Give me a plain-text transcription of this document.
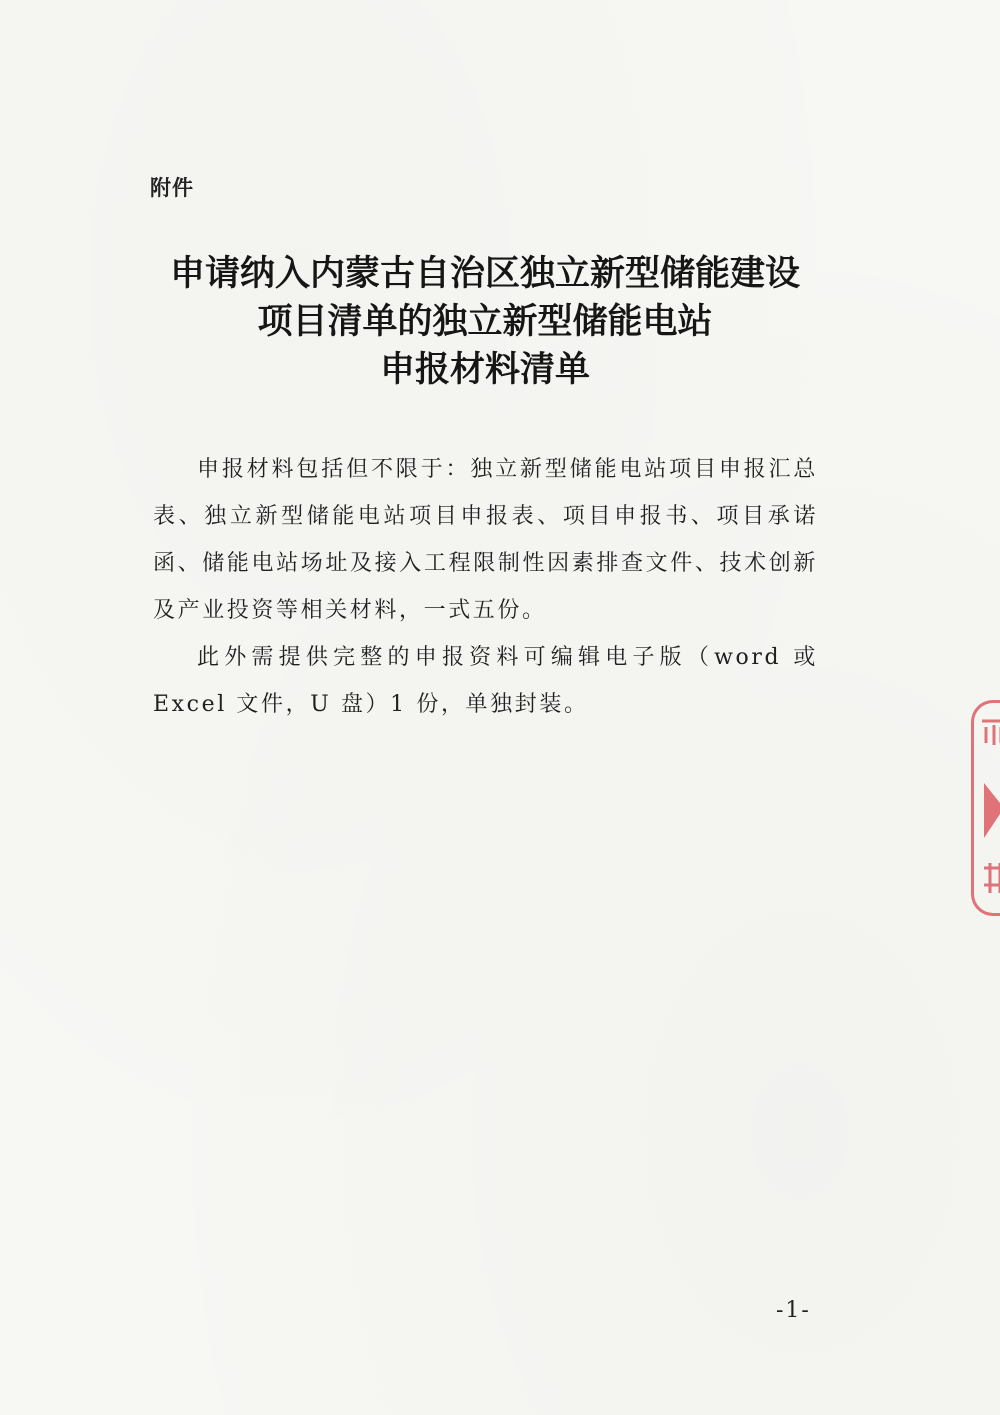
附件
申请纳入内蒙古自治区独立新型储能建设
项目清单的独立新型储能电站
申报材料清单

申报材料包括但不限于：独立新型储能电站项目申报汇总表、独立新型储能电站项目申报表、项目申报书、项目承诺函、储能电站场址及接入工程限制性因素排查文件、技术创新及产业投资等相关材料，一式五份。

此外需提供完整的申报资料可编辑电子版（word 或 Excel 文件，U 盘）1 份，单独封装。

-1-
